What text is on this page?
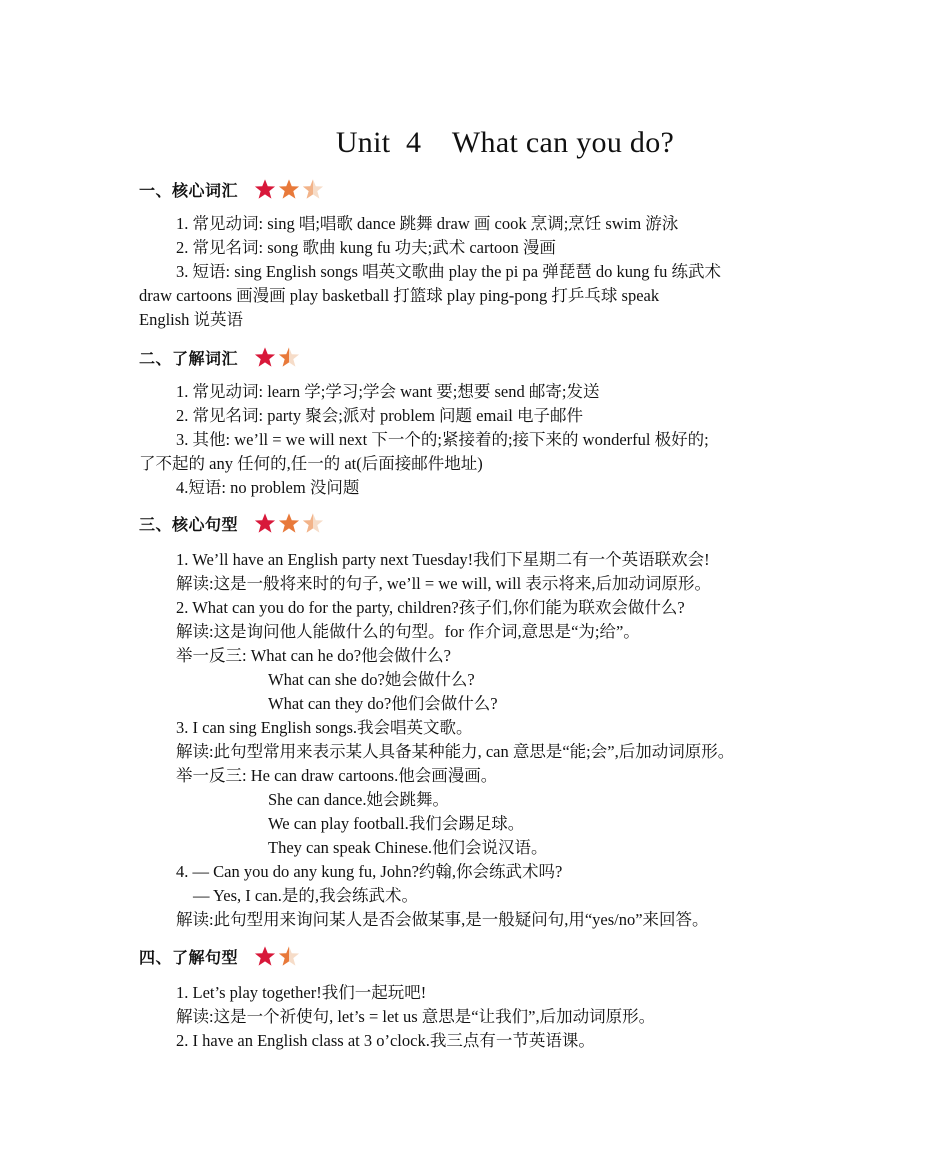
Unit  4    What can you do?
一、核心词汇
1. 常见动词: sing 唱;唱歌 dance 跳舞 draw 画 cook 烹调;烹饪 swim 游泳
2. 常见名词: song 歌曲 kung fu 功夫;武术 cartoon 漫画
3. 短语: sing English songs 唱英文歌曲 play the pi pa 弹琵琶 do kung fu 练武术
draw cartoons 画漫画 play basketball 打篮球 play ping-pong 打乒乓球 speak
English 说英语
二、了解词汇
1. 常见动词: learn 学;学习;学会 want 要;想要 send 邮寄;发送
2. 常见名词: party 聚会;派对 problem 问题 email 电子邮件
3. 其他: we’ll = we will next 下一个的;紧接着的;接下来的 wonderful 极好的;
了不起的 any 任何的,任一的 at(后面接邮件地址)
4.短语: no problem 没问题
三、核心句型
1. We’ll have an English party next Tuesday!我们下星期二有一个英语联欢会!
解读:这是一般将来时的句子, we’ll = we will, will 表示将来,后加动词原形。
2. What can you do for the party, children?孩子们,你们能为联欢会做什么?
解读:这是询问他人能做什么的句型。for 作介词,意思是“为;给”。
举一反三: What can he do?他会做什么?
What can she do?她会做什么?
What can they do?他们会做什么?
3. I can sing English songs.我会唱英文歌。
解读:此句型常用来表示某人具备某种能力, can 意思是“能;会”,后加动词原形。
举一反三: He can draw cartoons.他会画漫画。
She can dance.她会跳舞。
We can play football.我们会踢足球。
They can speak Chinese.他们会说汉语。
4. — Can you do any kung fu, John?约翰,你会练武术吗?
— Yes, I can.是的,我会练武术。
解读:此句型用来询问某人是否会做某事,是一般疑问句,用“yes/no”来回答。
四、了解句型
1. Let’s play together!我们一起玩吧!
解读:这是一个祈使句, let’s = let us 意思是“让我们”,后加动词原形。
2. I have an English class at 3 o’clock.我三点有一节英语课。
